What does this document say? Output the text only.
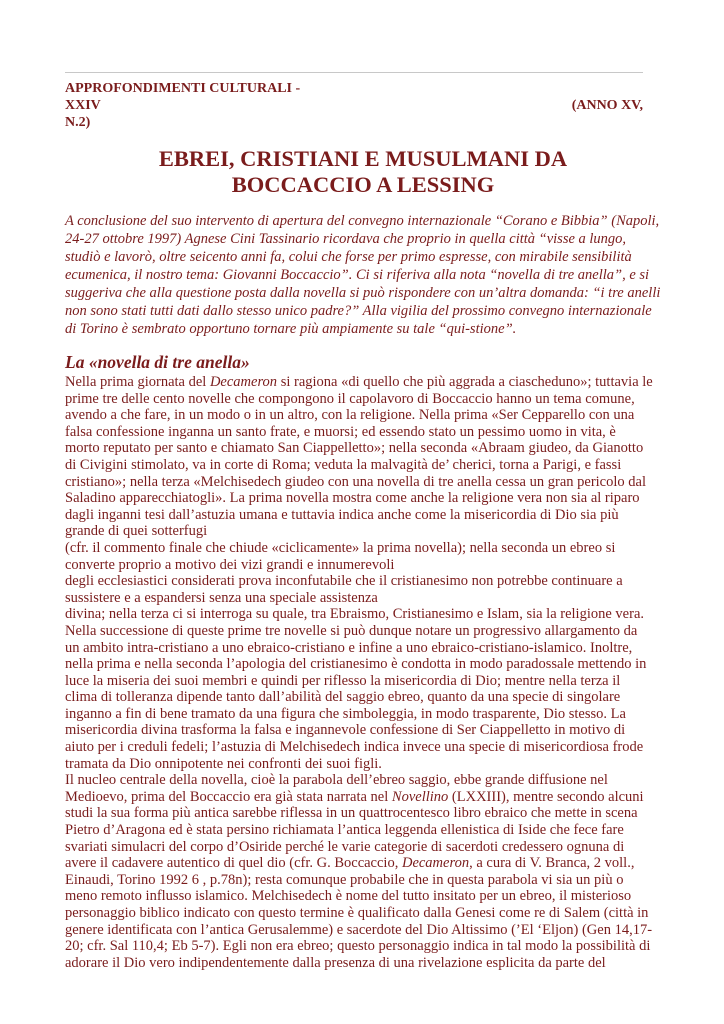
APPROFONDIMENTI CULTURALI -
XXIV	(ANNO XV,
N.2)
EBREI, CRISTIANI E MUSULMANI DA
BOCCACCIO A LESSING

A conclusione del suo intervento di apertura del convegno internazionale “Corano e Bibbia” (Napoli, 24-27 ottobre 1997) Agnese Cini Tassinario ricordava che proprio in quella città “visse a lungo, studiò e lavorò, oltre seicento anni fa, colui che forse per primo espresse, con mirabile sensibilità ecumenica, il nostro tema: Giovanni Boccaccio”. Ci si riferiva alla nota “novella di tre anella”, e si suggeriva che alla questione posta dalla novella si può rispondere con un’altra domanda: “i tre anelli non sono stati tutti dati dallo stesso unico padre?” Alla vigilia del prossimo convegno internazionale di Torino è sembrato opportuno tornare più ampiamente su tale “qui-stione”.

La «novella di tre anella»
Nella prima giornata del Decameron si ragiona «di quello che più aggrada a ciascheduno»; tuttavia le
prime tre delle cento novelle che compongono il capolavoro di Boccaccio hanno un tema comune,
avendo a che fare, in un modo o in un altro, con la religione. Nella prima «Ser Cepparello con una
falsa confessione inganna un santo frate, e muorsi; ed essendo stato un pessimo uomo in vita, è
morto reputato per santo e chiamato San Ciappelletto»; nella seconda «Abraam giudeo, da Gianotto
di Civigini stimolato, va in corte di Roma; veduta la malvagità de’ cherici, torna a Parigi, e fassi
cristiano»; nella terza «Melchisedech giudeo con una novella di tre anella cessa un gran pericolo dal
Saladino apparecchiatogli». La prima novella mostra come anche la religione vera non sia al riparo
dagli inganni tesi dall’astuzia umana e tuttavia indica anche come la misericordia di Dio sia più
grande di quei sotterfugi
(cfr. il commento finale che chiude «ciclicamente» la prima novella); nella seconda un ebreo si
converte proprio a motivo dei vizi grandi e innumerevoli
degli ecclesiastici considerati prova inconfutabile che il cristianesimo non potrebbe continuare a
sussistere e a espandersi senza una speciale assistenza
divina; nella terza ci si interroga su quale, tra Ebraismo, Cristianesimo e Islam, sia la religione vera.
Nella successione di queste prime tre novelle si può dunque notare un progressivo allargamento da
un ambito intra-cristiano a uno ebraico-cristiano e infine a uno ebraico-cristiano-islamico. Inoltre,
nella prima e nella seconda l’apologia del cristianesimo è condotta in modo paradossale mettendo in
luce la miseria dei suoi membri e quindi per riflesso la misericordia di Dio; mentre nella terza il
clima di tolleranza dipende tanto dall’abilità del saggio ebreo, quanto da una specie di singolare
inganno a fin di bene tramato da una figura che simboleggia, in modo trasparente, Dio stesso. La
misericordia divina trasforma la falsa e ingannevole confessione di Ser Ciappelletto in motivo di
aiuto per i creduli fedeli; l’astuzia di Melchisedech indica invece una specie di misericordiosa frode
tramata da Dio onnipotente nei confronti dei suoi figli.
Il nucleo centrale della novella, cioè la parabola dell’ebreo saggio, ebbe grande diffusione nel
Medioevo, prima del Boccaccio era già stata narrata nel Novellino (LXXIII), mentre secondo alcuni
studi la sua forma più antica sarebbe riflessa in un quattrocentesco libro ebraico che mette in scena
Pietro d’Aragona ed è stata persino richiamata l’antica leggenda ellenistica di Iside che fece fare
svariati simulacri del corpo d’Osiride perché le varie categorie di sacerdoti credessero ognuna di
avere il cadavere autentico di quel dio (cfr. G. Boccaccio, Decameron, a cura di V. Branca, 2 voll.,
Einaudi, Torino 1992 6 , p.78n); resta comunque probabile che in questa parabola vi sia un più o
meno remoto influsso islamico. Melchisedech è nome del tutto insitato per un ebreo, il misterioso
personaggio biblico indicato con questo termine è qualificato dalla Genesi come re di Salem (città in
genere identificata con l’antica Gerusalemme) e sacerdote del Dio Altissimo (’El ‘Eljon) (Gen 14,17-
20; cfr. Sal 110,4; Eb 5-7). Egli non era ebreo; questo personaggio indica in tal modo la possibilità di
adorare il Dio vero indipendentemente dalla presenza di una rivelazione esplicita da parte del
